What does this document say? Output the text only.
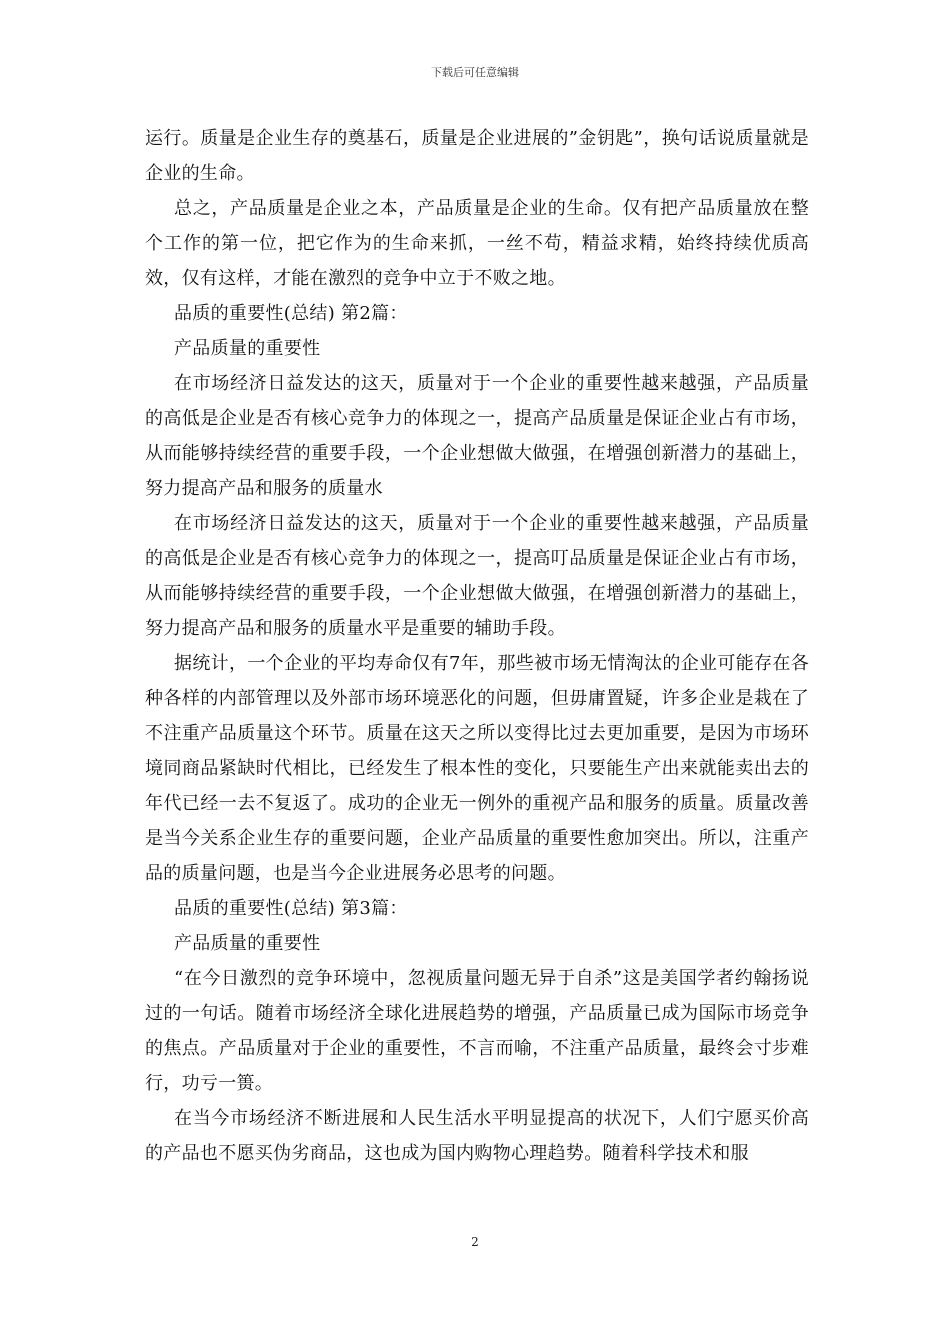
下载后可任意编辑

运行。质量是企业生存的奠基石，质量是企业进展的”金钥匙”，换句话说质量就是企业的生命。

总之，产品质量是企业之本，产品质量是企业的生命。仅有把产品质量放在整个工作的第一位，把它作为的生命来抓，一丝不苟，精益求精，始终持续优质高效，仅有这样，才能在激烈的竞争中立于不败之地。

品质的重要性(总结) 第2篇：

产品质量的重要性

在市场经济日益发达的这天，质量对于一个企业的重要性越来越强，产品质量的高低是企业是否有核心竞争力的体现之一，提高产品质量是保证企业占有市场，从而能够持续经营的重要手段，一个企业想做大做强，在增强创新潜力的基础上，努力提高产品和服务的质量水

在市场经济日益发达的这天，质量对于一个企业的重要性越来越强，产品质量的高低是企业是否有核心竞争力的体现之一，提高叮品质量是保证企业占有市场，从而能够持续经营的重要手段，一个企业想做大做强，在增强创新潜力的基础上，努力提高产品和服务的质量水平是重要的辅助手段。

据统计，一个企业的平均寿命仅有7年，那些被市场无情淘汰的企业可能存在各种各样的内部管理以及外部市场环境恶化的问题，但毋庸置疑，许多企业是栽在了不注重产品质量这个环节。质量在这天之所以变得比过去更加重要，是因为市场环境同商品紧缺时代相比，已经发生了根本性的变化，只要能生产出来就能卖出去的年代已经一去不复返了。成功的企业无一例外的重视产品和服务的质量。质量改善是当今关系企业生存的重要问题，企业产品质量的重要性愈加突出。所以，注重产品的质量问题，也是当今企业进展务必思考的问题。

品质的重要性(总结) 第3篇：

产品质量的重要性

“在今日激烈的竞争环境中，忽视质量问题无异于自杀”这是美国学者约翰扬说过的一句话。随着市场经济全球化进展趋势的增强，产品质量已成为国际市场竞争的焦点。产品质量对于企业的重要性，不言而喻，不注重产品质量，最终会寸步难行，功亏一篑。

在当今市场经济不断进展和人民生活水平明显提高的状况下，人们宁愿买价高的产品也不愿买伪劣商品，这也成为国内购物心理趋势。随着科学技术和服

2
